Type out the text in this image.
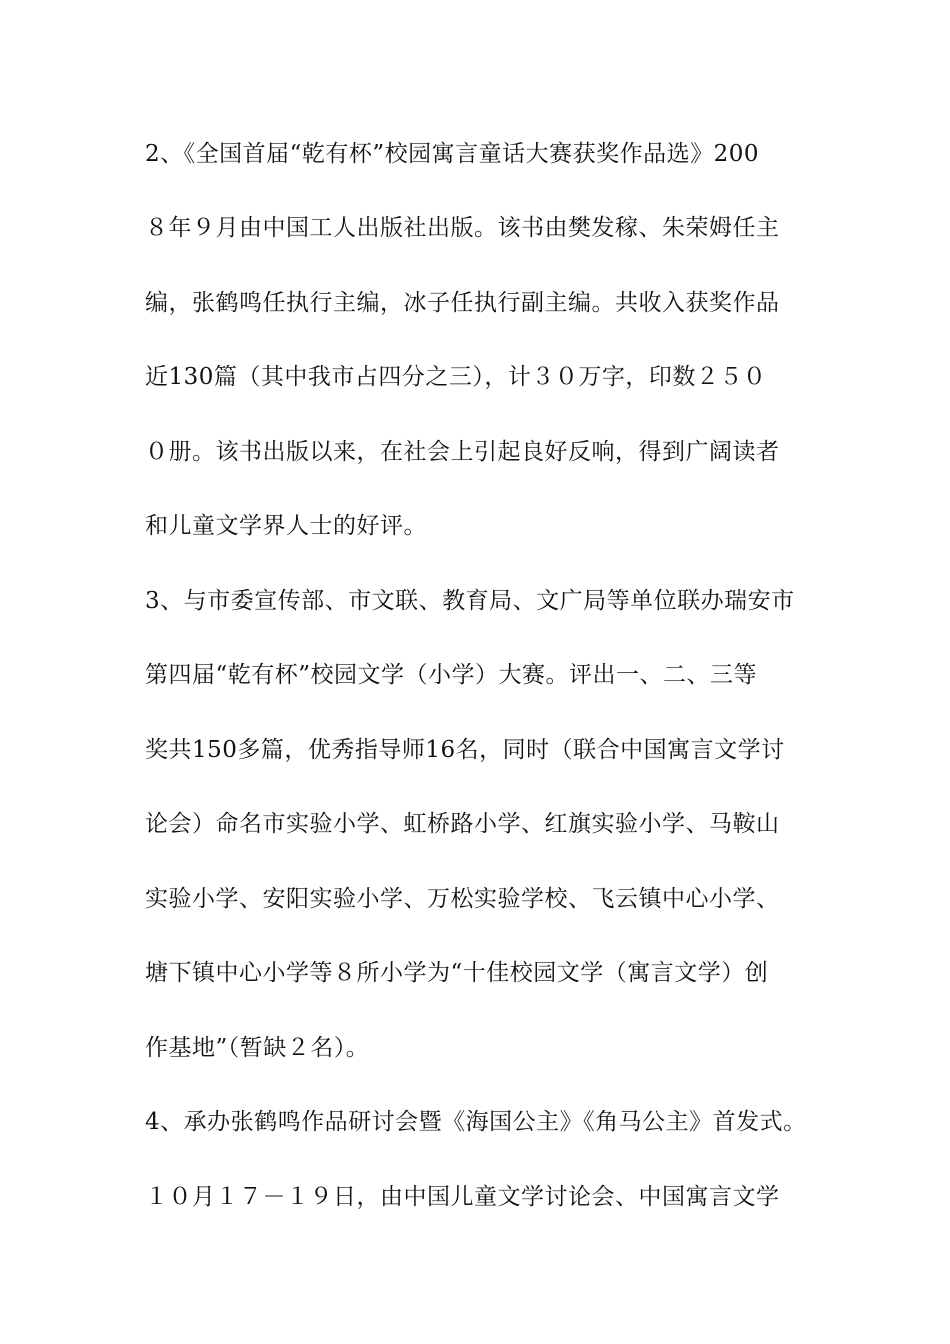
2、《全国首届“乾有杯”校园寓言童话大赛获奖作品选》200
８年９月由中国工人出版社出版。该书由樊发稼、朱荣姆任主
编，张鹤鸣任执行主编，冰子任执行副主编。共收入获奖作品
近130篇（其中我市占四分之三），计３０万字，印数２５０
０册。该书出版以来，在社会上引起良好反响，得到广阔读者
和儿童文学界人士的好评。
3、与市委宣传部、市文联、教育局、文广局等单位联办瑞安市
第四届“乾有杯”校园文学（小学）大赛。评出一、二、三等
奖共150多篇，优秀指导师16名，同时（联合中国寓言文学讨
论会）命名市实验小学、虹桥路小学、红旗实验小学、马鞍山
实验小学、安阳实验小学、万松实验学校、飞云镇中心小学、
塘下镇中心小学等８所小学为“十佳校园文学（寓言文学）创
作基地”（暂缺２名）。
4、承办张鹤鸣作品研讨会暨《海国公主》《角马公主》首发式。
１０月１７－１９日，由中国儿童文学讨论会、中国寓言文学
